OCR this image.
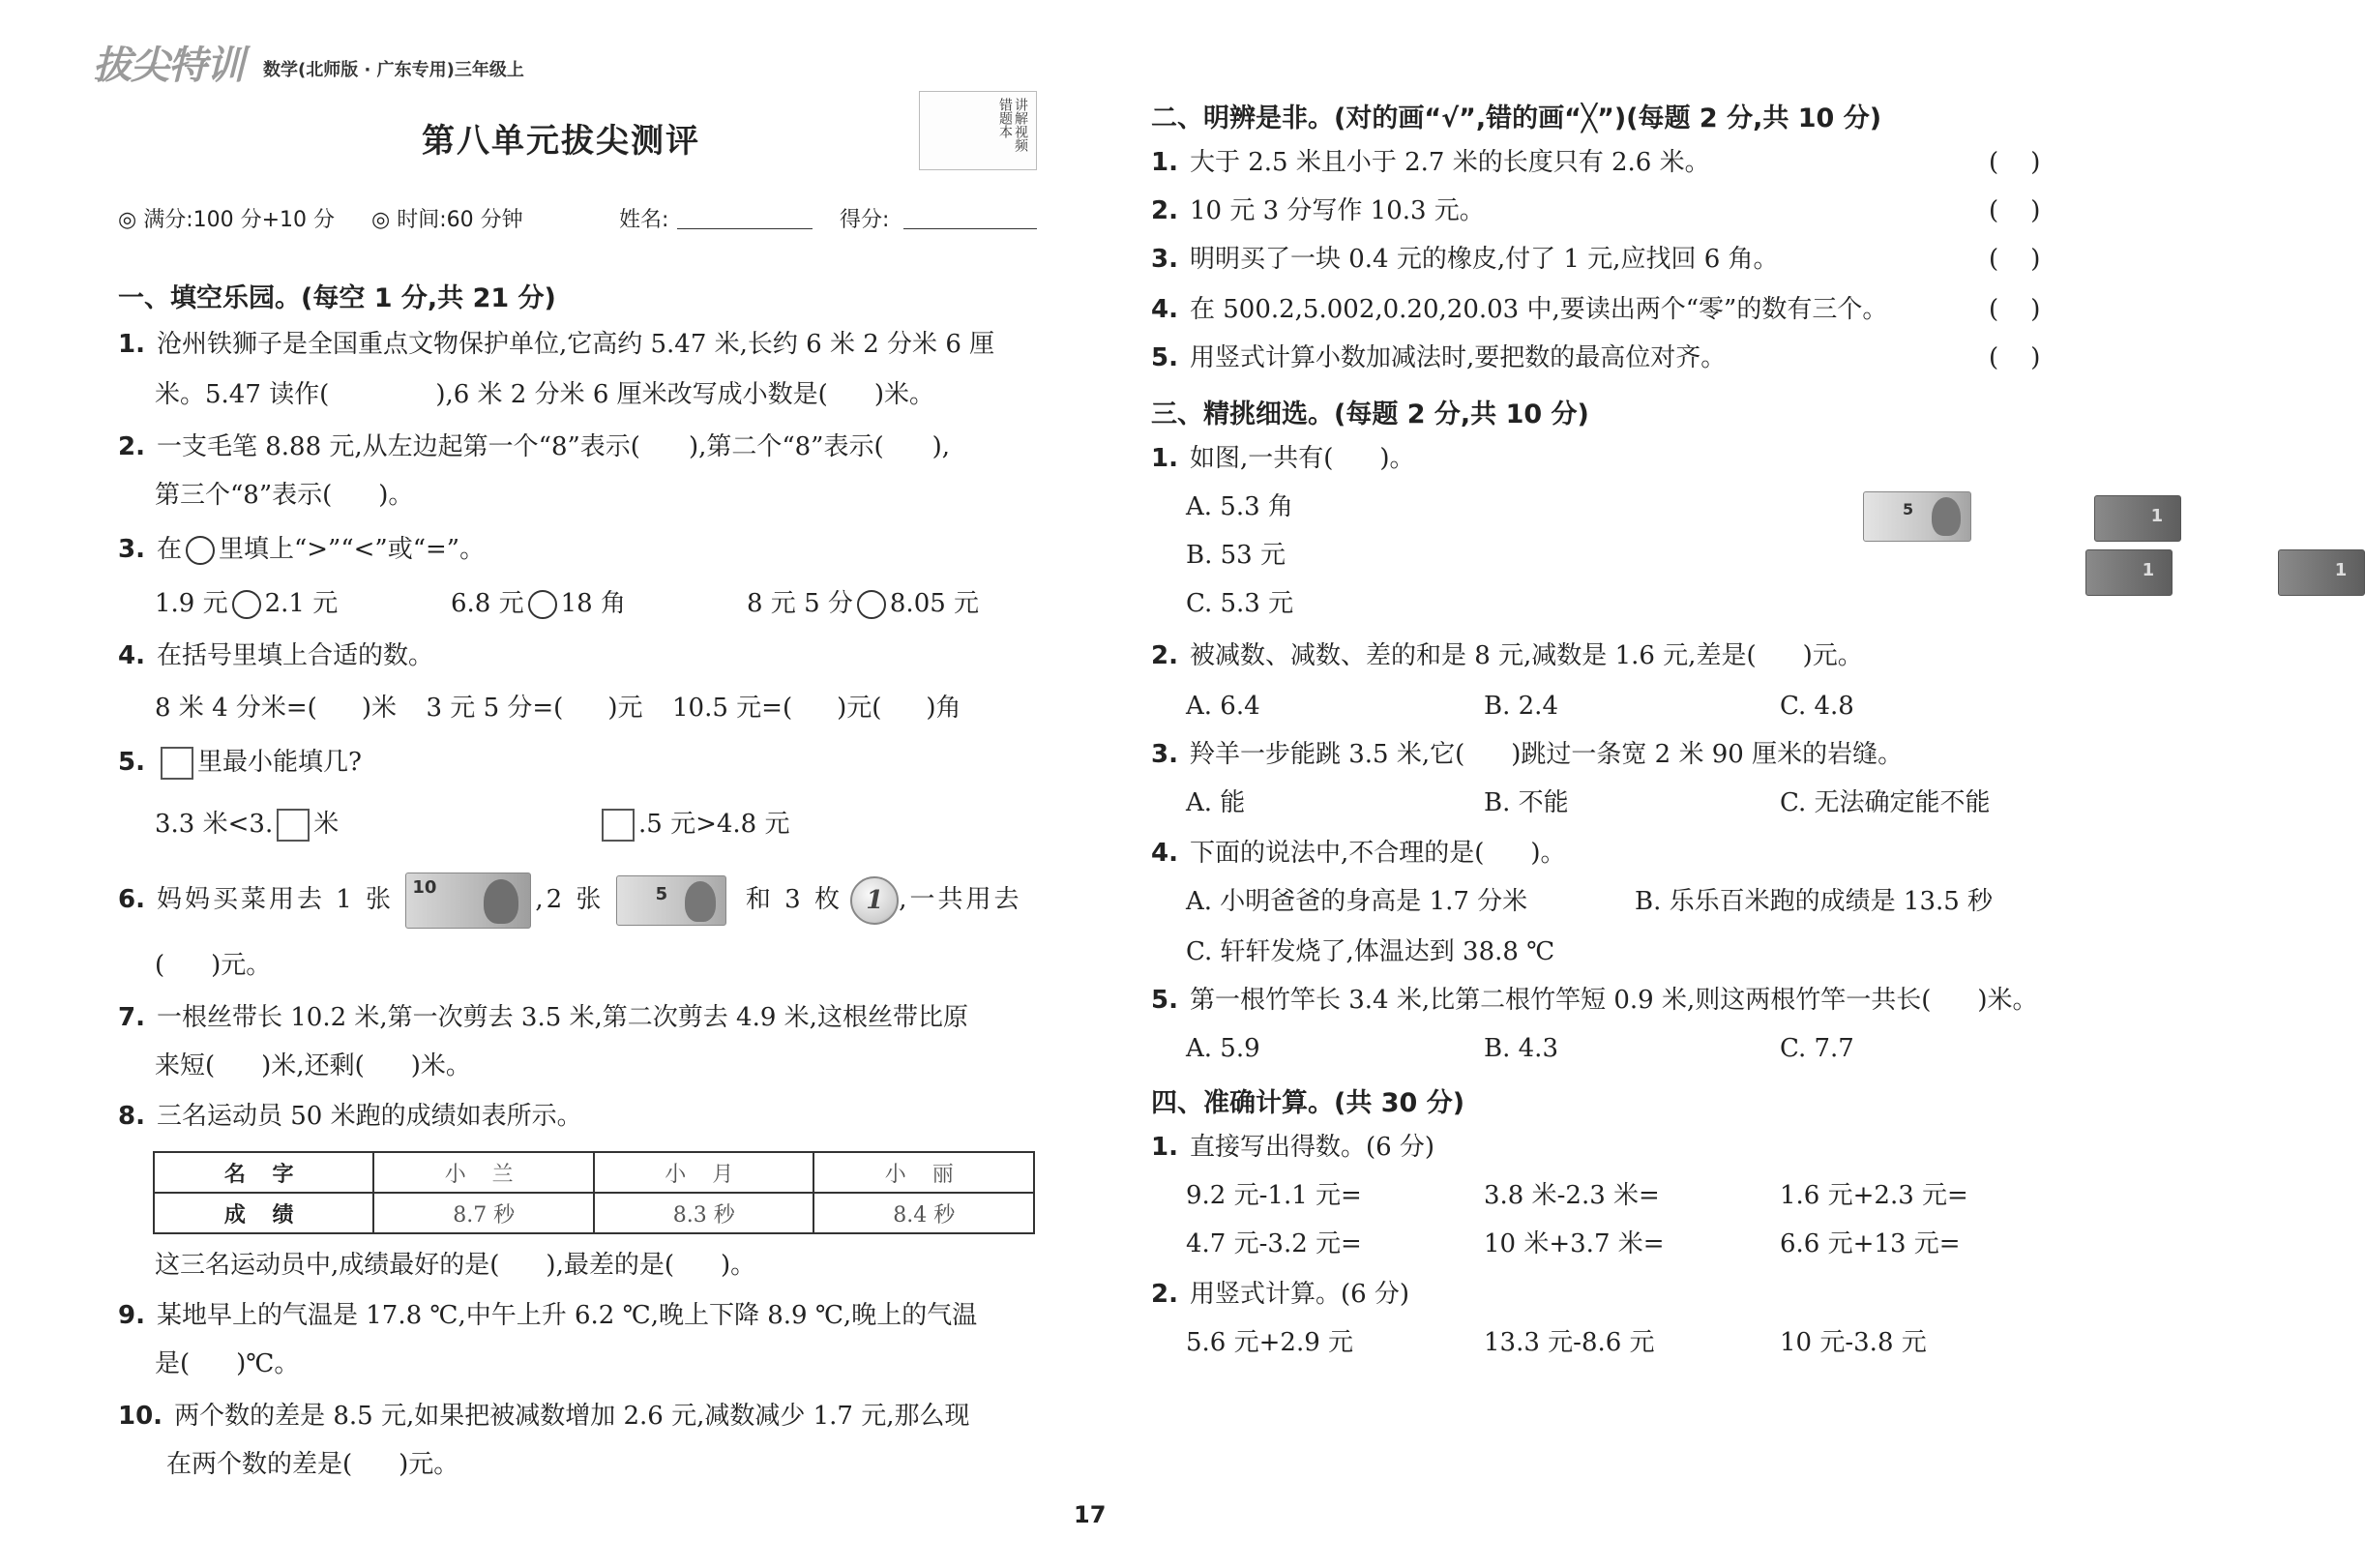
拔尖特训 数学(北师版 · 广东专用)三年级上
第八单元拔尖测评	讲解视频 错题本
◎ 满分:100 分+10 分 ◎ 时间:60 分钟	姓名:	得分:
一、填空乐园。(每空 1 分,共 21 分)
1. 沧州铁狮子是全国重点文物保护单位,它高约 5.47 米,长约 6 米 2 分米 6 厘
米。5.47 读作(	),6 米 2 分米 6 厘米改写成小数是( )米。
2. 一支毛笔 8.88 元,从左边起第一个“8”表示( ),第二个“8”表示( ),
第三个“8”表示( )。
3. 在 里填上“>”“<”或“=”。
1.9 元 2.1 元	6.8 元 18 角	8 元 5 分 8.05 元
4. 在括号里填上合适的数。
8 米 4 分米=( )米 3 元 5 分=( )元 10.5 元=( )元( )角
5. 里最小能填几?
3.3 米<3. 米	.5 元>4.8 元
6. 妈妈买菜用去 1 张 10	,2 张	5	和 3 枚 1 ,一共用去
( )元。
7. 一根丝带长 10.2 米,第一次剪去 3.5 米,第二次剪去 4.9 米,这根丝带比原
来短( )米,还剩( )米。
8. 三名运动员 50 米跑的成绩如表所示。
名 字	小 兰	小 月	小 丽
成 绩	8.7 秒	8.3 秒	8.4 秒
这三名运动员中,成绩最好的是( ),最差的是( )。
9. 某地早上的气温是 17.8 ℃,中午上升 6.2 ℃,晚上下降 8.9 ℃,晚上的气温
是( )℃。
10. 两个数的差是 8.5 元,如果把被减数增加 2.6 元,减数减少 1.7 元,那么现
在两个数的差是( )元。
二、明辨是非。(对的画“√”,错的画“╳”)(每题 2 分,共 10 分)
1. 大于 2.5 米且小于 2.7 米的长度只有 2.6 米。	(    )
2. 10 元 3 分写作 10.3 元。	(    )
3. 明明买了一块 0.4 元的橡皮,付了 1 元,应找回 6 角。	(    )
4. 在 500.2,5.002,0.20,20.03 中,要读出两个“零”的数有三个。	(    )
5. 用竖式计算小数加减法时,要把数的最高位对齐。	(    )
三、精挑细选。(每题 2 分,共 10 分)
1. 如图,一共有( )。
A. 5.3 角
B. 53 元
C. 5.3 元
5
	1

1
	1
2. 被减数、减数、差的和是 8 元,减数是 1.6 元,差是( )元。
A. 6.4	B. 2.4	C. 4.8
3. 羚羊一步能跳 3.5 米,它( )跳过一条宽 2 米 90 厘米的岩缝。
A. 能	B. 不能	C. 无法确定能不能
4. 下面的说法中,不合理的是( )。
A. 小明爸爸的身高是 1.7 分米	B. 乐乐百米跑的成绩是 13.5 秒
C. 轩轩发烧了,体温达到 38.8 ℃
5. 第一根竹竿长 3.4 米,比第二根竹竿短 0.9 米,则这两根竹竿一共长( )米。
A. 5.9	B. 4.3	C. 7.7
四、准确计算。(共 30 分)
1. 直接写出得数。(6 分)
9.2 元-1.1 元=	3.8 米-2.3 米=	1.6 元+2.3 元=
4.7 元-3.2 元=	10 米+3.7 米=	6.6 元+13 元=
2. 用竖式计算。(6 分)
5.6 元+2.9 元	13.3 元-8.6 元	10 元-3.8 元
17
